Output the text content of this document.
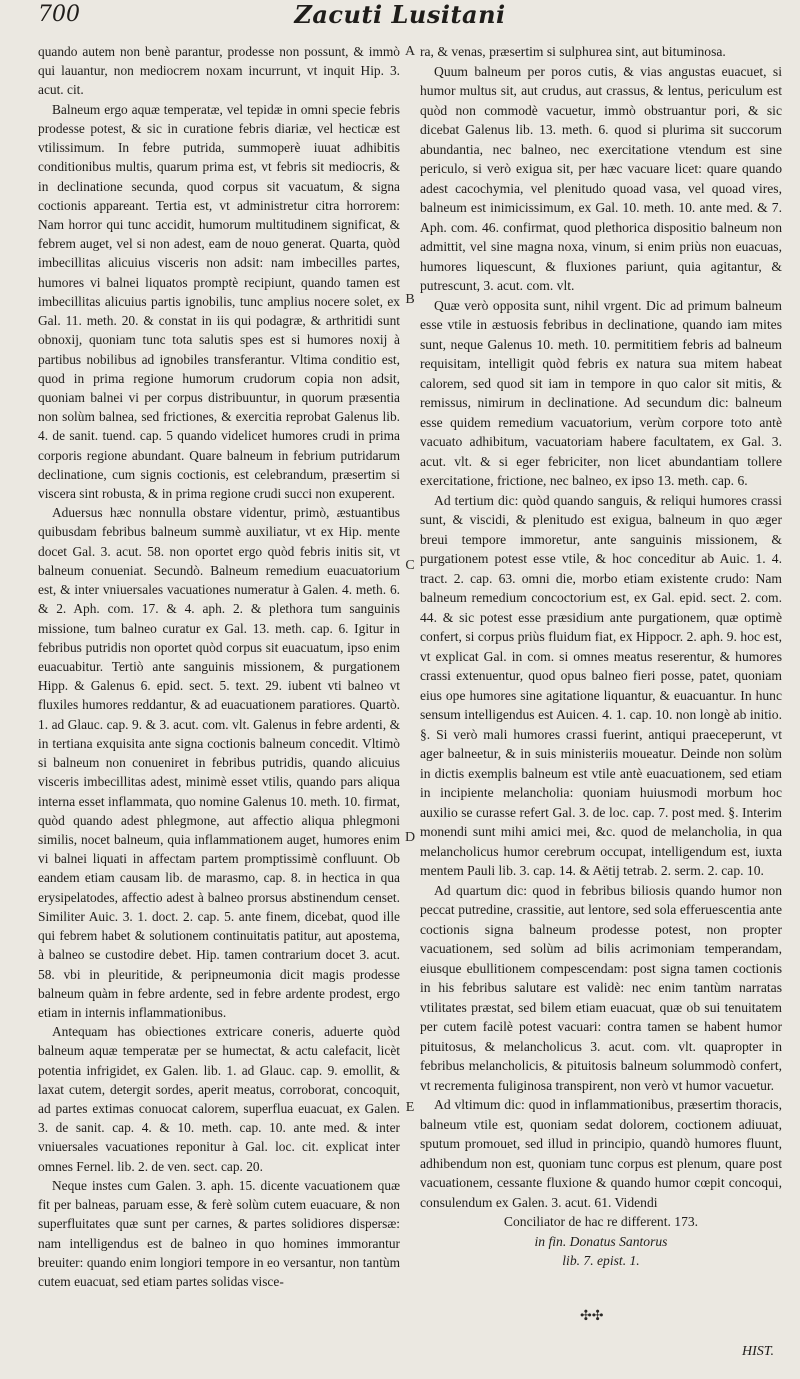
700	Zacuti Lusitani

quando autem non benè parantur, prodesse non possunt, & immò qui lauantur, non mediocrem noxam incurrunt, vt inquit Hip. 3. acut. cit.

Balneum ergo aquæ temperatæ, vel tepidæ in omni specie febris prodesse potest, & sic in curatione febris diariæ, vel hecticæ est vtilissimum. In febre putrida, summoperè iuuat adhibitis conditionibus multis, quarum prima est, vt febris sit mediocris, & in declinatione secunda, quod corpus sit vacuatum, & signa coctionis appareant. Tertia est, vt administretur citra horrorem: Nam horror qui tunc accidit, humorum multitudinem significat, & febrem auget, vel si non adest, eam de nouo generat. Quarta, quòd imbecillitas alicuius visceris non adsit: nam imbecilles partes, humores vi balnei liquatos promptè recipiunt, quando tamen est imbecillitas alicuius partis ignobilis, tunc amplius nocere solet, ex Gal. 11. meth. 20. & constat in iis qui podagræ, & arthritidi sunt obnoxij, quoniam tunc tota salutis spes est si humores noxij à partibus nobilibus ad ignobiles transferantur. Vltima conditio est, quod in prima regione humorum crudorum copia non adsit, quoniam balnei vi per corpus distribuuntur, in quorum præsentia non solùm balnea, sed frictiones, & exercitia reprobat Galenus lib. 4. de sanit. tuend. cap. 5 quando videlicet humores crudi in prima corporis regione abundant. Quare balneum in febrium putridarum declinatione, cum signis coctionis, est celebrandum, præsertim si viscera sint robusta, & in prima regione crudi succi non exuperent.

Aduersus hæc nonnulla obstare videntur, primò, æstuantibus quibusdam febribus balneum summè auxiliatur, vt ex Hip. mente docet Gal. 3. acut. 58. non oportet ergo quòd febris initis sit, vt balneum conueniat. Secundò. Balneum remedium euacuatorium est, & inter vniuersales vacuationes numeratur à Galen. 4. meth. 6. & 2. Aph. com. 17. & 4. aph. 2. & plethora tum sanguinis missione, tum balneo curatur ex Gal. 13. meth. cap. 6. Igitur in febribus putridis non oportet quòd corpus sit euacuatum, ipso enim euacuabitur. Tertiò ante sanguinis missionem, & purgationem Hipp. & Galenus 6. epid. sect. 5. text. 29. iubent vti balneo vt fluxiles humores reddantur, & ad euacuationem paratiores. Quartò. 1. ad Glauc. cap. 9. & 3. acut. com. vlt. Galenus in febre ardenti, & in tertiana exquisita ante signa coctionis balneum concedit. Vltimò si balneum non conueniret in febribus putridis, quando alicuius visceris imbecillitas adest, minimè esset vtilis, quando pars aliqua interna esset inflammata, quo nomine Galenus 10. meth. 10. firmat, quòd quando adest phlegmone, aut affectio aliqua phlegmoni similis, nocet balneum, quia inflammationem auget, humores enim vi balnei liquati in affectam partem promptissimè confluunt. Ob eandem etiam causam lib. de marasmo, cap. 8. in hectica in qua erysipelatodes, affectio adest à balneo prorsus abstinendum censet. Similiter Auic. 3. 1. doct. 2. cap. 5. ante finem, dicebat, quod ille qui febrem habet & solutionem continuitatis patitur, aut apostema, à balneo se custodire debet. Hip. tamen contrarium docet 3. acut. 58. vbi in pleuritide, & peripneumonia dicit magis prodesse balneum quàm in febre ardente, sed in febre ardente prodest, ergo etiam in internis inflammationibus.

Antequam has obiectiones extricare coneris, aduerte quòd balneum aquæ temperatæ per se humectat, & actu calefacit, licèt potentia infrigidet, ex Galen. lib. 1. ad Glauc. cap. 9. emollit, & laxat cutem, detergit sordes, aperit meatus, corroborat, concoquit, ad partes extimas conuocat calorem, superflua euacuat, ex Galen. 3. de sanit. cap. 4. & 10. meth. cap. 10. ante med. & inter vniuersales vacuationes reponitur à Gal. loc. cit. explicat inter omnes Fernel. lib. 2. de ven. sect. cap. 20.

Neque instes cum Galen. 3. aph. 15. dicente vacuationem quæ fit per balneas, paruam esse, & ferè solùm cutem euacuare, & non superfluitates quæ sunt per carnes, & partes solidiores dispersæ: nam intelligendus est de balneo in quo homines immorantur breuiter: quando enim longiori tempore in eo versantur, non tantùm cutem euacuat, sed etiam partes solidas visce-

A
B
C
D
E

ra, & venas, præsertim si sulphurea sint, aut bituminosa.

Quum balneum per poros cutis, & vias angustas euacuet, si humor multus sit, aut crudus, aut crassus, & lentus, periculum est quòd non commodè vacuetur, immò obstruantur pori, & sic dicebat Galenus lib. 13. meth. 6. quod si plurima sit succorum abundantia, nec balneo, nec exercitatione vtendum est sine periculo, si verò exigua sit, per hæc vacuare licet: quare quando adest cacochymia, vel plenitudo quoad vasa, vel quoad vires, balneum est inimicissimum, ex Gal. 10. meth. 10. ante med. & 7. Aph. com. 46. confirmat, quod plethorica dispositio balneum non admittit, vel sine magna noxa, vinum, si enim priùs non euacuas, humores liquescunt, & fluxiones pariunt, quia agitantur, & putrescunt, 3. acut. com. vlt.

Quæ verò opposita sunt, nihil vrgent. Dic ad primum balneum esse vtile in æstuosis febribus in declinatione, quando iam mites sunt, neque Galenus 10. meth. 10. permititiem febris ad balneum requisitam, intelligit quòd febris ex natura sua mitem habeat calorem, sed quod sit iam in tempore in quo calor sit mitis, & remissus, nimirum in declinatione. Ad secundum dic: balneum esse quidem remedium vacuatorium, verùm corpore toto antè vacuato adhibitum, vacuatoriam habere facultatem, ex Gal. 3. acut. vlt. & si eger febriciter, non licet abundantiam tollere exercitatione, frictione, nec balneo, ex ipso 13. meth. cap. 6.

Ad tertium dic: quòd quando sanguis, & reliqui humores crassi sunt, & viscidi, & plenitudo est exigua, balneum in quo æger breui tempore immoretur, ante sanguinis missionem, & purgationem potest esse vtile, & hoc conceditur ab Auic. 1. 4. tract. 2. cap. 63. omni die, morbo etiam existente crudo: Nam balneum remedium concoctorium est, ex Gal. epid. sect. 2. com. 44. & sic potest esse præsidium ante purgationem, quæ optimè confert, si corpus priùs fluidum fiat, ex Hippocr. 2. aph. 9. hoc est, vt explicat Gal. in com. si omnes meatus reserentur, & humores crassi extenuentur, quod opus balneo fieri posse, patet, quoniam eius ope humores sine agitatione liquantur, & euacuantur. In hunc sensum intelligendus est Auicen. 4. 1. cap. 10. non longè ab initio. §. Si verò mali humores crassi fuerint, antiqui praeceperunt, vt ager balneetur, & in suis ministeriis moueatur. Deinde non solùm in dictis exemplis balneum est vtile antè euacuationem, sed etiam in incipiente melancholia: quoniam huiusmodi morbum hoc auxilio se curasse refert Gal. 3. de loc. cap. 7. post med. §. Interim monendi sunt mihi amici mei, &c. quod de melancholia, in qua melancholicus humor cerebrum occupat, intelligendum est, iuxta mentem Pauli lib. 3. cap. 14. & Aëtij tetrab. 2. serm. 2. cap. 10.

Ad quartum dic: quod in febribus biliosis quando humor non peccat putredine, crassitie, aut lentore, sed sola efferuescentia ante coctionis signa balneum prodesse potest, non propter vacuationem, sed solùm ad bilis acrimoniam temperandam, eiusque ebullitionem compescendam: post signa tamen coctionis in his febribus salutare est validè: nec enim tantùm narratas vtilitates præstat, sed bilem etiam euacuat, quæ ob sui tenuitatem per cutem facilè potest vacuari: contra tamen se habent humor pituitosus, & melancholicus 3. acut. com. vlt. quapropter in febribus melancholicis, & pituitosis balneum solummodò confert, vt recrementa fuliginosa transpirent, non verò vt humor vacuetur.

Ad vltimum dic: quod in inflammationibus, præsertim thoracis, balneum vtile est, quoniam sedat dolorem, coctionem adiuuat, sputum promouet, sed illud in principio, quandò humores fluunt, adhibendum non est, quoniam tunc corpus est plenum, quare post vacuationem, cessante fluxione & quando humor cœpit concoqui, consulendum ex Galen. 3. acut. 61. Videndi

Conciliator de hac re different. 173.

in fin. Donatus Santorus

lib. 7. epist. 1.

✣✣
HIST.
